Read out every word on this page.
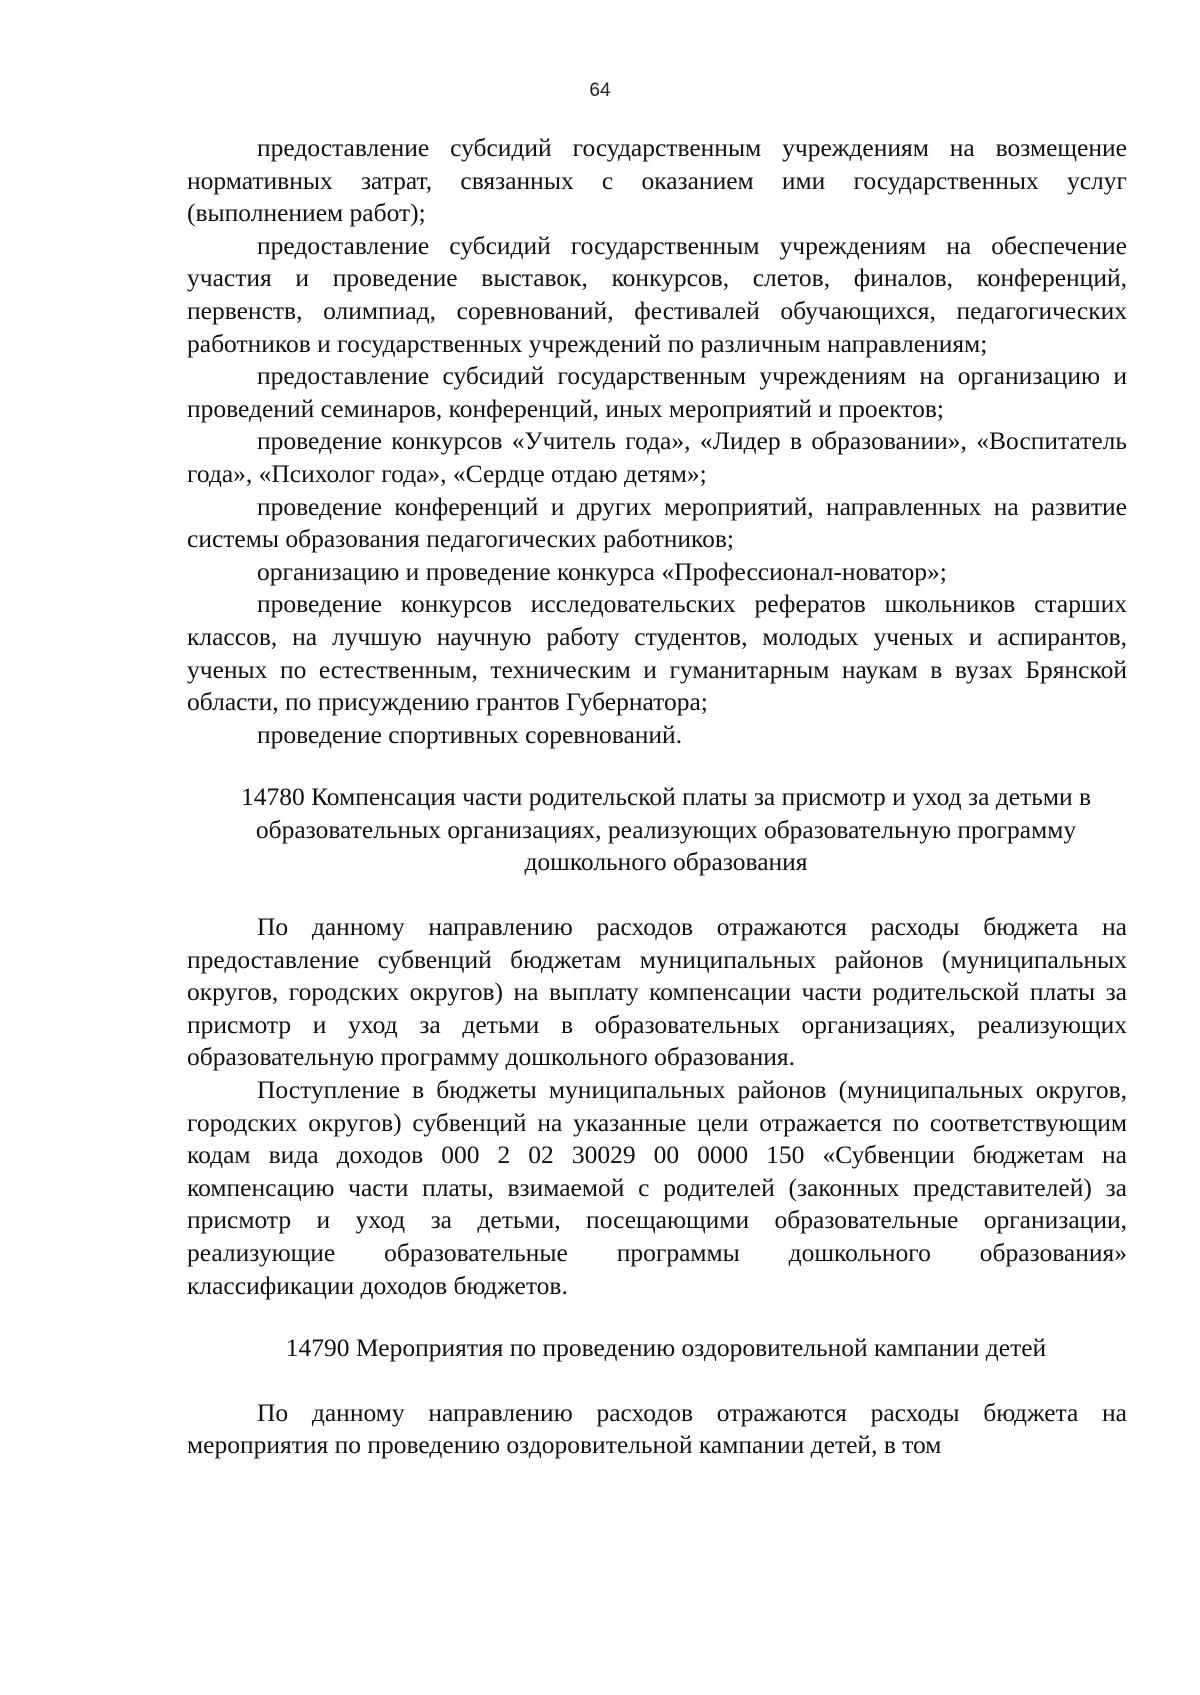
64

предоставление субсидий государственным учреждениям на возмещение нормативных затрат, связанных с оказанием ими государственных услуг (выполнением работ);

предоставление субсидий государственным учреждениям на обеспечение участия и проведение выставок, конкурсов, слетов, финалов, конференций, первенств, олимпиад, соревнований, фестивалей обучающихся, педагогических работников и государственных учреждений по различным направлениям;

предоставление субсидий государственным учреждениям на организацию и проведений семинаров, конференций, иных мероприятий и проектов;

проведение конкурсов «Учитель года», «Лидер в образовании», «Воспитатель года», «Психолог года», «Сердце отдаю детям»;

проведение конференций и других мероприятий, направленных на развитие системы образования педагогических работников;

организацию и проведение конкурса «Профессионал-новатор»;

проведение конкурсов исследовательских рефератов школьников старших классов, на лучшую научную работу студентов, молодых ученых и аспирантов, ученых по естественным, техническим и гуманитарным наукам в вузах Брянской области, по присуждению грантов Губернатора;

проведение спортивных соревнований.

14780 Компенсация части родительской платы за присмотр и уход за детьми в образовательных организациях, реализующих образовательную программу дошкольного образования

По данному направлению расходов отражаются расходы бюджета на предоставление субвенций бюджетам муниципальных районов (муниципальных округов, городских округов) на выплату компенсации части родительской платы за присмотр и уход за детьми в образовательных организациях, реализующих образовательную программу дошкольного образования.

Поступление в бюджеты муниципальных районов (муниципальных округов, городских округов) субвенций на указанные цели отражается по соответствующим кодам вида доходов 000 2 02 30029 00 0000 150 «Субвенции бюджетам на компенсацию части платы, взимаемой с родителей (законных представителей) за присмотр и уход за детьми, посещающими образовательные организации, реализующие образовательные программы дошкольного образования» классификации доходов бюджетов.

14790 Мероприятия по проведению оздоровительной кампании детей

По данному направлению расходов отражаются расходы бюджета на мероприятия по проведению оздоровительной кампании детей, в том
